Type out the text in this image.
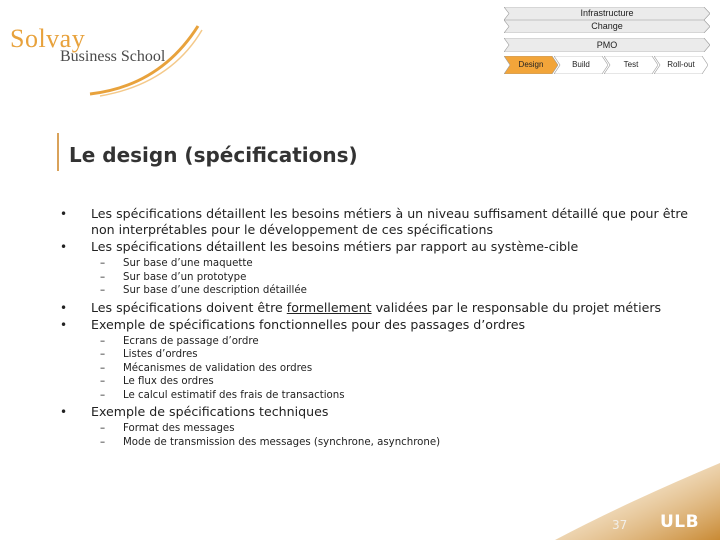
Solvay
Business School
Infrastructure
Change
PMO
Design	Build	Test	Roll-out
Le design (spécifications)
• Les spécifications détaillent les besoins métiers à un niveau suffisament détaillé que pour être non interprétables pour le développement de ces spécifications
• Les spécifications détaillent les besoins métiers par rapport au système-cible
– Sur base d’une maquette
– Sur base d’un prototype
– Sur base d’une description détaillée
• Les spécifications doivent être formellement validées par le responsable du projet métiers
• Exemple de spécifications fonctionnelles pour des passages d’ordres
– Ecrans de passage d’ordre
– Listes d’ordres
– Mécanismes de validation des ordres
– Le flux des ordres
– Le calcul estimatif des frais de transactions
• Exemple de spécifications techniques
– Format des messages
– Mode de transmission des messages (synchrone, asynchrone)
37 ULB
